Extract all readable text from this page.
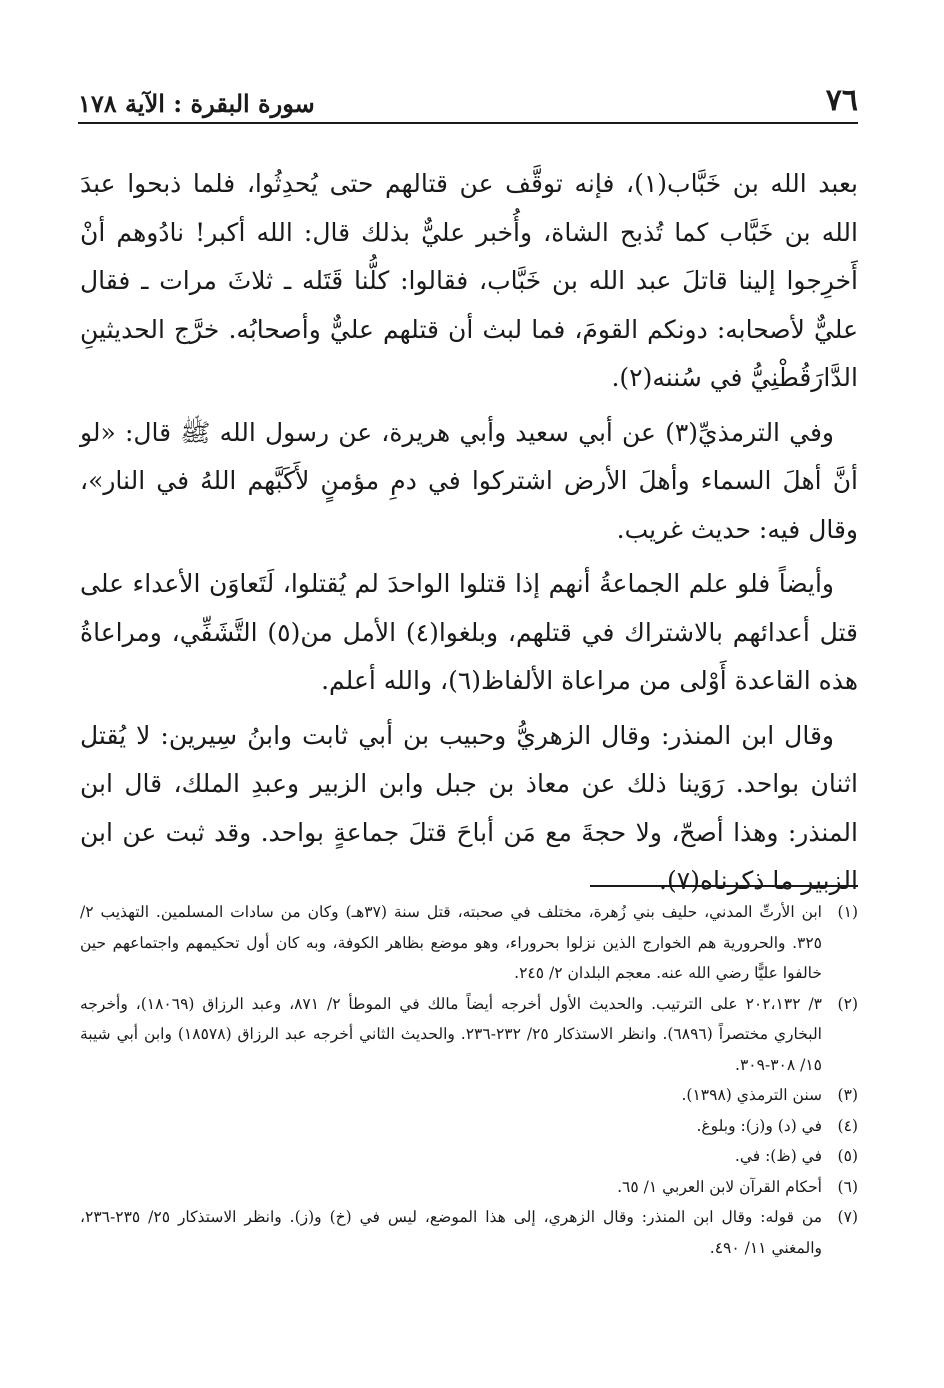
٧٦
سورة البقرة : الآية ١٧٨

بعبد الله بن خَبَّاب(١)، فإنه توقَّف عن قتالهم حتى يُحدِثُوا، فلما ذبحوا عبدَ الله بن خَبَّاب كما تُذبح الشاة، وأُخبر عليٌّ بذلك قال: الله أكبر! نادُوهم أنْ أَخرِجوا إلينا قاتلَ عبد الله بن خَبَّاب، فقالوا: كلُّنا قَتَله ـ ثلاثَ مرات ـ فقال عليٌّ لأصحابه: دونكم القومَ، فما لبث أن قتلهم عليٌّ وأصحابُه. خرَّج الحديثينِ الدَّارَقُطْنِيُّ في سُننه(٢).

وفي الترمذيِّ(٣) عن أبي سعيد وأبي هريرة، عن رسول الله ﷺ قال: «لو أنَّ أهلَ السماء وأهلَ الأرض اشتركوا في دمِ مؤمنٍ لأَكَبَّهم اللهُ في النار»، وقال فيه: حديث غريب.

وأيضاً فلو علم الجماعةُ أنهم إذا قتلوا الواحدَ لم يُقتلوا، لَتَعاوَن الأعداء على قتل أعدائهم بالاشتراك في قتلهم، وبلغوا(٤) الأمل من(٥) التَّشَفِّي، ومراعاةُ هذه القاعدة أَوْلى من مراعاة الألفاظ(٦)، والله أعلم.

وقال ابن المنذر: وقال الزهريُّ وحبيب بن أبي ثابت وابنُ سِيرين: لا يُقتل اثنان بواحد. رَوَينا ذلك عن معاذ بن جبل وابن الزبير وعبدِ الملك، قال ابن المنذر: وهذا أصحّ، ولا حجةَ مع مَن أباحَ قتلَ جماعةٍ بواحد. وقد ثبت عن ابن الزبير ما ذكرناه(٧).

(١)
ابن الأرتِّ المدني، حليف بني زُهرة، مختلف في صحبته، قتل سنة (٣٧هـ) وكان من سادات المسلمين. التهذيب ٢/ ٣٢٥. والحرورية هم الخوارج الذين نزلوا بحروراء، وهو موضع بظاهر الكوفة، وبه كان أول تحكيمهم واجتماعهم حين خالفوا عليًّا رضي الله عنه. معجم البلدان ٢/ ٢٤٥.
(٢)
٣/ ٢٠٢،١٣٢ على الترتيب. والحديث الأول أخرجه أيضاً مالك في الموطأ ٢/ ٨٧١، وعبد الرزاق (١٨٠٦٩)، وأخرجه البخاري مختصراً (٦٨٩٦). وانظر الاستذكار ٢٥/ ٢٣٢-٢٣٦. والحديث الثاني أخرجه عبد الرزاق (١٨٥٧٨) وابن أبي شيبة ١٥/ ٣٠٨-٣٠٩.
(٣)
سنن الترمذي (١٣٩٨).
(٤)
في (د) و(ز): وبلوغ.
(٥)
في (ظ): في.
(٦)
أحكام القرآن لابن العربي ١/ ٦٥.
(٧)
من قوله: وقال ابن المنذر: وقال الزهري، إلى هذا الموضع، ليس في (خ) و(ز). وانظر الاستذكار ٢٥/ ٢٣٥-٢٣٦، والمغني ١١/ ٤٩٠.
